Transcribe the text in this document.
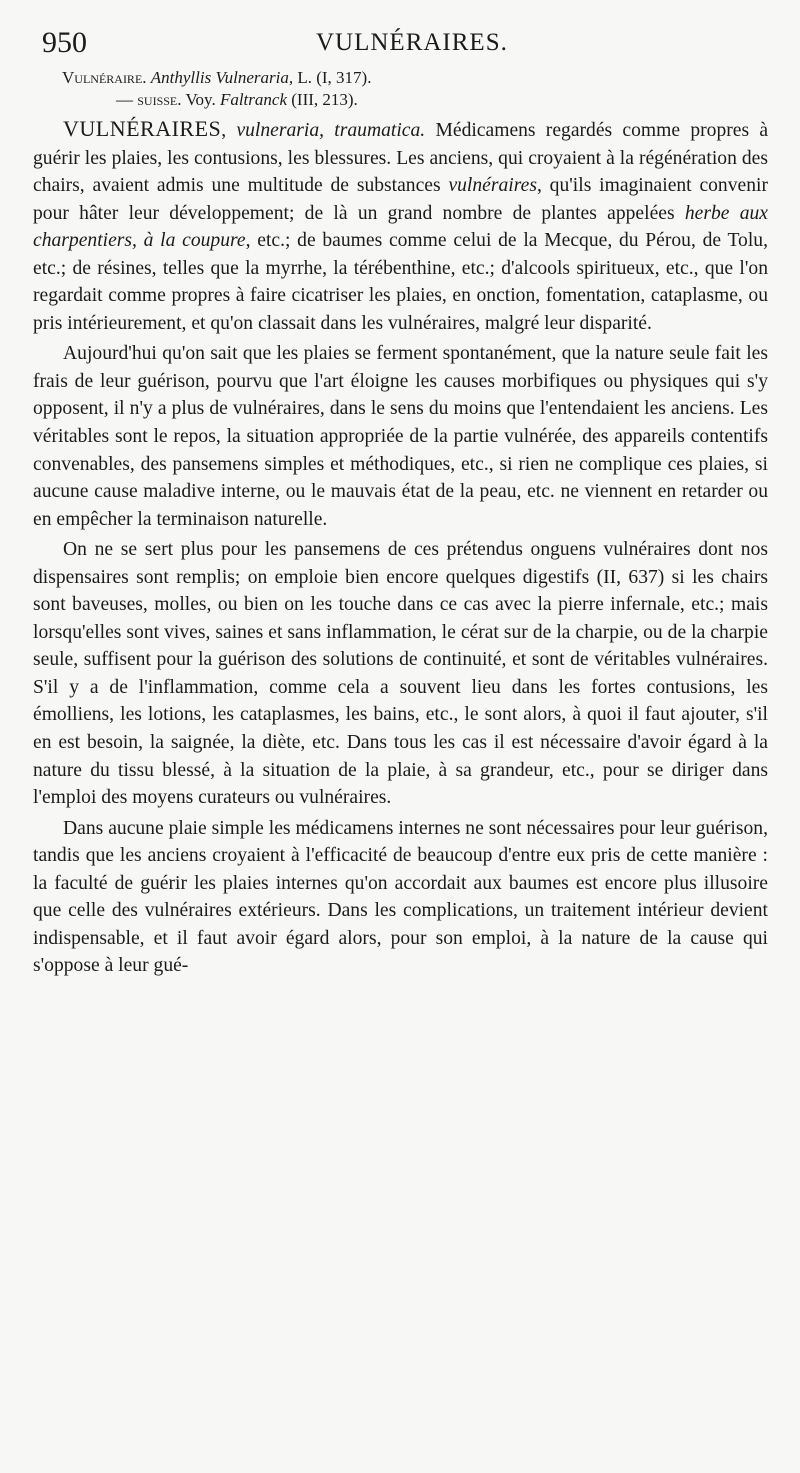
950	VULNÉRAIRES.
Vulnéraire. Anthyllis Vulneraria, L. (I, 317).
— suisse. Voy. Faltranck (III, 213).

VULNÉRAIRES, vulneraria, traumatica. Médicamens regardés comme propres à guérir les plaies, les contusions, les blessures. Les anciens, qui croyaient à la régénération des chairs, avaient admis une multitude de substances vulnéraires, qu'ils imaginaient convenir pour hâter leur développement; de là un grand nombre de plantes appelées herbe aux charpentiers, à la coupure, etc.; de baumes comme celui de la Mecque, du Pérou, de Tolu, etc.; de résines, telles que la myrrhe, la térébenthine, etc.; d'alcools spiritueux, etc., que l'on regardait comme propres à faire cicatriser les plaies, en onction, fomentation, cataplasme, ou pris intérieurement, et qu'on classait dans les vulnéraires, malgré leur disparité.

Aujourd'hui qu'on sait que les plaies se ferment spontanément, que la nature seule fait les frais de leur guérison, pourvu que l'art éloigne les causes morbifiques ou physiques qui s'y opposent, il n'y a plus de vulnéraires, dans le sens du moins que l'entendaient les anciens. Les véritables sont le repos, la situation appropriée de la partie vulnérée, des appareils contentifs convenables, des pansemens simples et méthodiques, etc., si rien ne complique ces plaies, si aucune cause maladive interne, ou le mauvais état de la peau, etc. ne viennent en retarder ou en empêcher la terminaison naturelle.

On ne se sert plus pour les pansemens de ces prétendus onguens vulnéraires dont nos dispensaires sont remplis; on emploie bien encore quelques digestifs (II, 637) si les chairs sont baveuses, molles, ou bien on les touche dans ce cas avec la pierre infernale, etc.; mais lorsqu'elles sont vives, saines et sans inflammation, le cérat sur de la charpie, ou de la charpie seule, suffisent pour la guérison des solutions de continuité, et sont de véritables vulnéraires. S'il y a de l'inflammation, comme cela a souvent lieu dans les fortes contusions, les émolliens, les lotions, les cataplasmes, les bains, etc., le sont alors, à quoi il faut ajouter, s'il en est besoin, la saignée, la diète, etc. Dans tous les cas il est nécessaire d'avoir égard à la nature du tissu blessé, à la situation de la plaie, à sa grandeur, etc., pour se diriger dans l'emploi des moyens curateurs ou vulnéraires.

Dans aucune plaie simple les médicamens internes ne sont nécessaires pour leur guérison, tandis que les anciens croyaient à l'efficacité de beaucoup d'entre eux pris de cette manière : la faculté de guérir les plaies internes qu'on accordait aux baumes est encore plus illusoire que celle des vulnéraires extérieurs. Dans les complications, un traitement intérieur devient indispensable, et il faut avoir égard alors, pour son emploi, à la nature de la cause qui s'oppose à leur gué-
